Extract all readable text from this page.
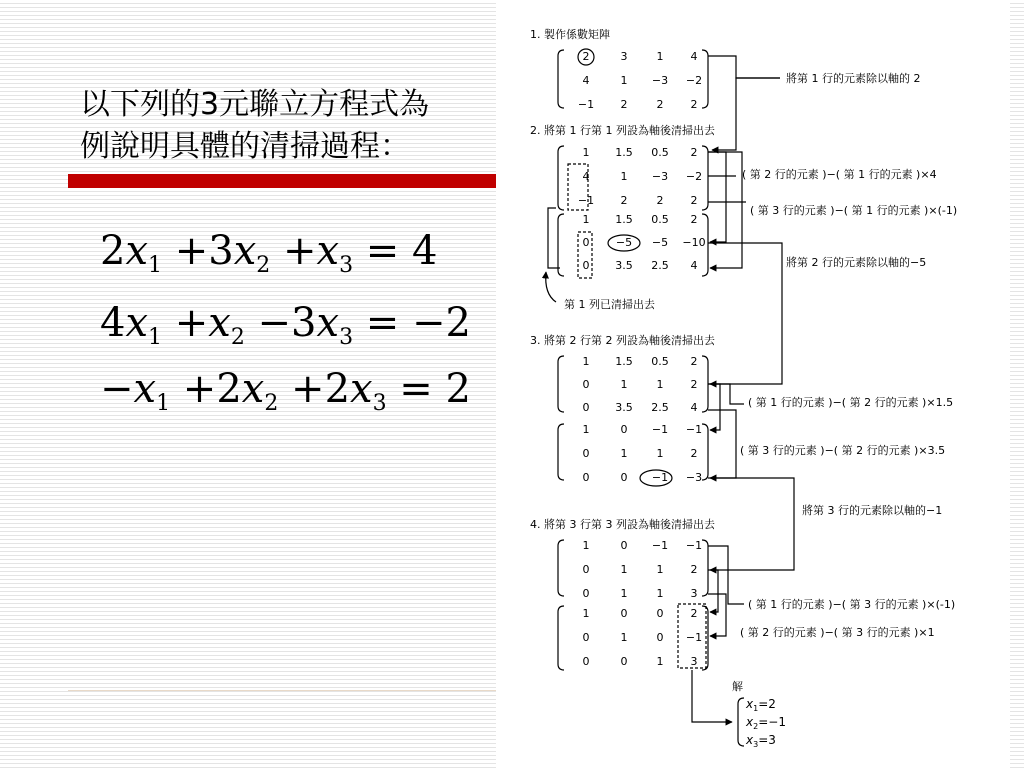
以下列的3元聯立方程式為
例說明具體的清掃過程：
$2x_1 +3x_2 +x_3 = 4$
$4x_1 +x_2 -3x_3 = -2$
$-x_1 +2x_2 +2x_3 = 2$
1. 製作係數矩陣
2. 將第 1 行第 1 列設為軸後清掃出去
3. 將第 2 行第 2 列設為軸後清掃出去
4. 將第 3 行第 3 列設為軸後清掃出去
將第 1 行的元素除以軸的 2
( 第 2 行的元素 )−( 第 1 行的元素 )×4
( 第 3 行的元素 )−( 第 1 行的元素 )×(-1)
將第 2 行的元素除以軸的−5
第 1 列已清掃出去
( 第 1 行的元素 )−( 第 2 行的元素 )×1.5
( 第 3 行的元素 )−( 第 2 行的元素 )×3.5
將第 3 行的元素除以軸的−1
( 第 1 行的元素 )−( 第 3 行的元素 )×(-1)
( 第 2 行的元素 )−( 第 3 行的元素 )×1
解
$x_1=2$
$x_2=-1$
$x_3=3$
2	3	1 4
4	1 −3 −2
−1 2	2 2
1 1.5 0.5 2
4	1 −3 −2
−1 2	2 2
1 1.5 0.5 2
0 −5 −5 −10
0 3.5 2.5 4
1 1.5 0.5 2
0	1	1 2
0 3.5 2.5 4
1	0 −1 −1
0	1	1 2
0	0 −1 −3
1	0 −1 −1
0	1	1 2
0	1	1 3
1	0	0 2
0	1	0 −1
0	0	1 3
